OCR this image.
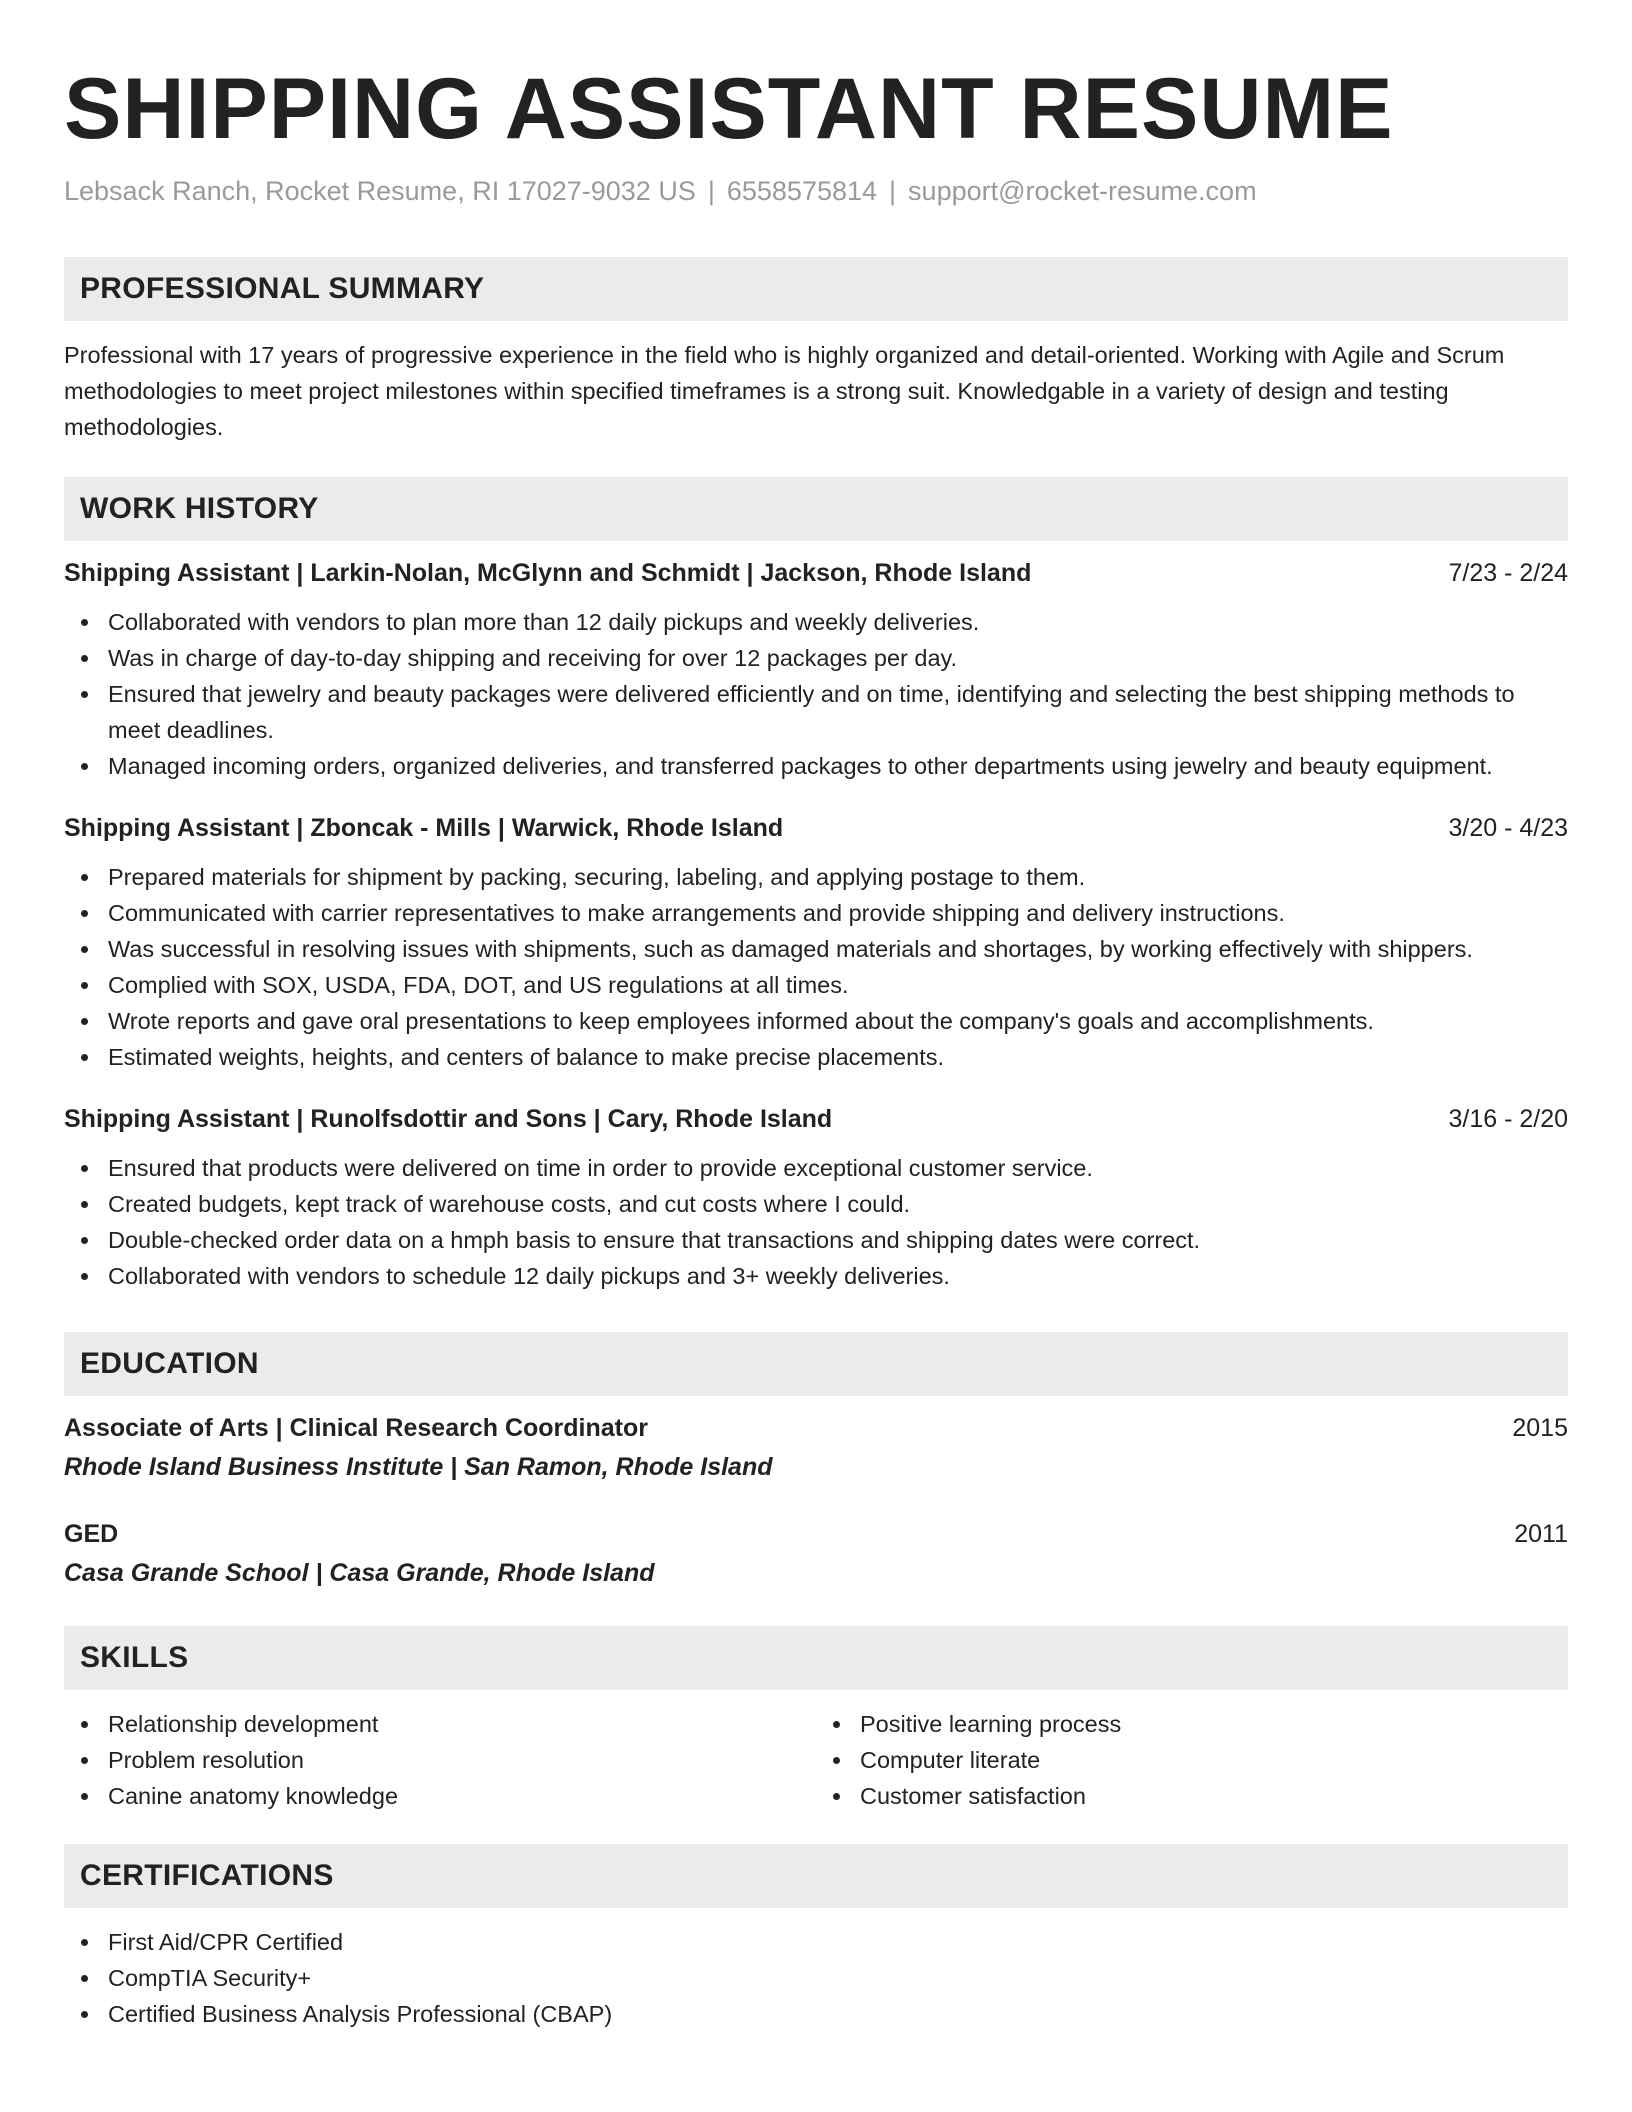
SHIPPING ASSISTANT RESUME
Lebsack Ranch, Rocket Resume, RI 17027-9032 US | 6558575814 | support@rocket-resume.com
PROFESSIONAL SUMMARY
Professional with 17 years of progressive experience in the field who is highly organized and detail-oriented. Working with Agile and Scrum methodologies to meet project milestones within specified timeframes is a strong suit. Knowledgable in a variety of design and testing methodologies.
WORK HISTORY
Shipping Assistant | Larkin-Nolan, McGlynn and Schmidt | Jackson, Rhode Island	7/23 - 2/24
Collaborated with vendors to plan more than 12 daily pickups and weekly deliveries.
Was in charge of day-to-day shipping and receiving for over 12 packages per day.
Ensured that jewelry and beauty packages were delivered efficiently and on time, identifying and selecting the best shipping methods to meet deadlines.
Managed incoming orders, organized deliveries, and transferred packages to other departments using jewelry and beauty equipment.
Shipping Assistant | Zboncak - Mills | Warwick, Rhode Island	3/20 - 4/23
Prepared materials for shipment by packing, securing, labeling, and applying postage to them.
Communicated with carrier representatives to make arrangements and provide shipping and delivery instructions.
Was successful in resolving issues with shipments, such as damaged materials and shortages, by working effectively with shippers.
Complied with SOX, USDA, FDA, DOT, and US regulations at all times.
Wrote reports and gave oral presentations to keep employees informed about the company's goals and accomplishments.
Estimated weights, heights, and centers of balance to make precise placements.
Shipping Assistant | Runolfsdottir and Sons | Cary, Rhode Island	3/16 - 2/20
Ensured that products were delivered on time in order to provide exceptional customer service.
Created budgets, kept track of warehouse costs, and cut costs where I could.
Double-checked order data on a hmph basis to ensure that transactions and shipping dates were correct.
Collaborated with vendors to schedule 12 daily pickups and 3+ weekly deliveries.
EDUCATION
Associate of Arts | Clinical Research Coordinator	2015
Rhode Island Business Institute | San Ramon, Rhode Island
GED	2011
Casa Grande School | Casa Grande, Rhode Island
SKILLS
Relationship development
Problem resolution
Canine anatomy knowledge
Positive learning process
Computer literate
Customer satisfaction
CERTIFICATIONS
First Aid/CPR Certified
CompTIA Security+
Certified Business Analysis Professional (CBAP)
